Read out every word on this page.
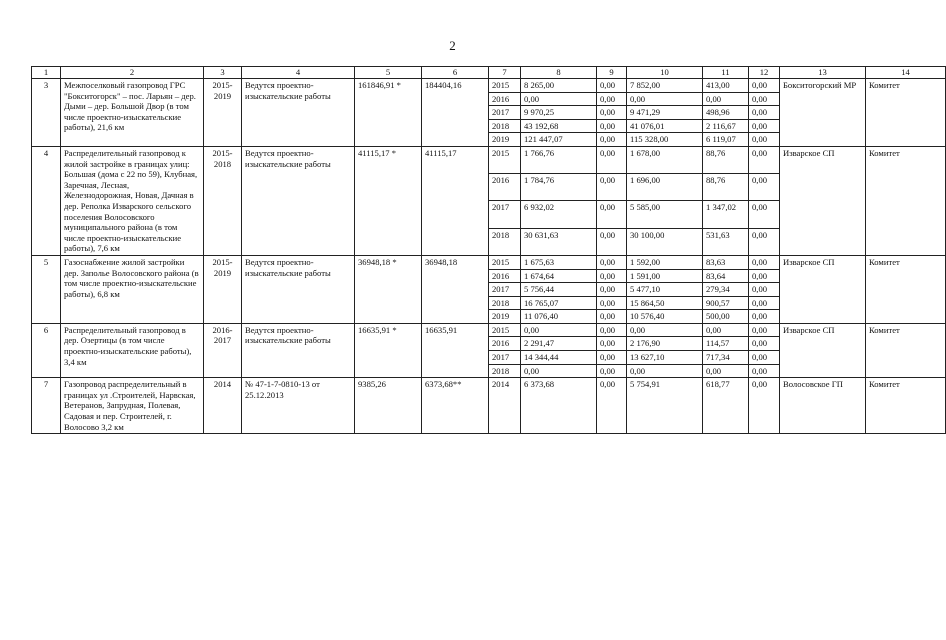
2
1	2	3	4	5	6	7	8	9	10	11	12	13	14
3	Межпоселковый газопровод ГРС "Бокситогорск" – пос. Ларьян – дер. Дыми – дер. Большой Двор (в том числе проектно-изыскательские работы), 21,6 км	2015-2019	Ведутся проектно-изыскательские работы	161846,91 *	184404,16	2015	8 265,00	0,00	7 852,00	413,00	0,00	Бокситогорский МР	Комитет
						2016	0,00	0,00	0,00	0,00	0,00		
						2017	9 970,25	0,00	9 471,29	498,96	0,00		
						2018	43 192,68	0,00	41 076,01	2 116,67	0,00		
						2019	121 447,07	0,00	115 328,00	6 119,07	0,00		
4	Распределительный газопровод к жилой застройке в границах улиц: Большая (дома с 22 по 59), Клубная, Заречная, Лесная, Железнодорожная, Новая, Дачная в дер. Реполка Изварского сельского поселения Волосовского муниципального района (в том числе проектно-изыскательские работы), 7,6 км	2015-2018	Ведутся проектно-изыскательские работы	41115,17 *	41115,17	2015	1 766,76	0,00	1 678,00	88,76	0,00	Изварское СП	Комитет
						2016	1 784,76	0,00	1 696,00	88,76	0,00		
						2017	6 932,02	0,00	5 585,00	1 347,02	0,00		
						2018	30 631,63	0,00	30 100,00	531,63	0,00		
5	Газоснабжение жилой застройки дер. Заполье Волосовского района (в том числе проектно-изыскательские работы), 6,8 км	2015-2019	Ведутся проектно-изыскательские работы	36948,18 *	36948,18	2015	1 675,63	0,00	1 592,00	83,63	0,00	Изварское СП	Комитет
						2016	1 674,64	0,00	1 591,00	83,64	0,00		
						2017	5 756,44	0,00	5 477,10	279,34	0,00		
						2018	16 765,07	0,00	15 864,50	900,57	0,00		
						2019	11 076,40	0,00	10 576,40	500,00	0,00		
6	Распределительный газопровод в дер. Озертицы (в том числе проектно-изыскательские работы), 3,4 км	2016-2017	Ведутся проектно-изыскательские работы	16635,91 *	16635,91	2015	0,00	0,00	0,00	0,00	0,00	Изварское СП	Комитет
						2016	2 291,47	0,00	2 176,90	114,57	0,00		
						2017	14 344,44	0,00	13 627,10	717,34	0,00		
						2018	0,00	0,00	0,00	0,00	0,00		
7	Газопровод распределительный в границах ул .Строителей, Нарвская, Ветеранов, Запрудная, Полевая, Садовая и пер. Строителей, г. Волосово 3,2 км	2014	№ 47-1-7-0810-13 от 25.12.2013	9385,26	6373,68**	2014	6 373,68	0,00	5 754,91	618,77	0,00	Волосовское ГП	Комитет
